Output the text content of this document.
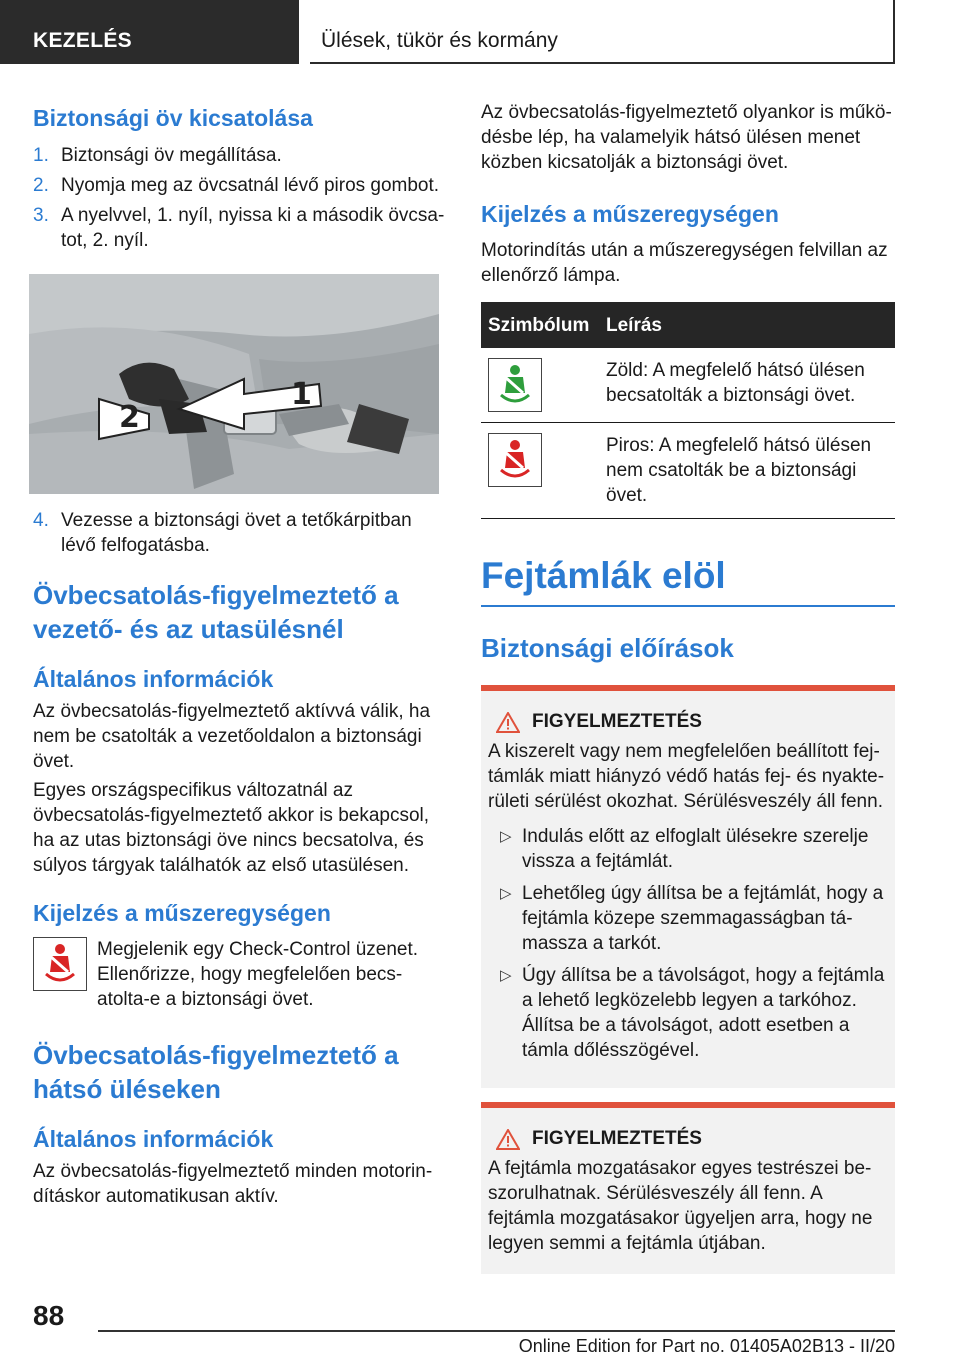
KEZELÉS	Ülések, tükör és kormány
Biztonsági öv kicsatolása
1. Biztonsági öv megállítása.
2. Nyomja meg az övcsatnál lévő piros gombot.
3. A nyelvvel, 1. nyíl, nyissa ki a második övcsatot, 2. nyíl.
1
2
4. Vezesse a biztonsági övet a tetőkárpitban lévő felfogatásba.
Övbecsatolás-figyelmeztető a vezető- és az utasülésnél
Általános információk

Az övbecsatolás-figyelmeztető aktívvá válik, ha nem be csatolták a vezetőoldalon a biztonsági övet.

Egyes országspecifikus változatnál az övbecsatolás-figyelmeztető akkor is bekapcsol, ha az utas biztonsági öve nincs becsatolva, és súlyos tárgyak találhatók az első utasülésen.

Kijelzés a műszeregységen

Megjelenik egy Check-Control üzenet. Ellenőrizze, hogy megfelelően becsatolta-e a biztonsági övet.

Övbecsatolás-figyelmeztető a hátsó üléseken
Általános információk

Az övbecsatolás-figyelmeztető minden motorindításkor automatikusan aktív.

Az övbecsatolás-figyelmeztető olyankor is működésbe lép, ha valamelyik hátsó ülésen menet közben kicsatolják a biztonsági övet.

Kijelzés a műszeregységen

Motorindítás után a műszeregységen felvillan az ellenőrző lámpa.

Szimbólum	Leírás

	Zöld: A megfelelő hátsó ülésen becsatolták a biztonsági övet.

	Piros: A megfelelő hátsó ülésen nem csatolták be a biztonsági övet.
Fejtámlák elöl
Biztonsági előírások
FIGYELMEZTETÉS

A kiszerelt vagy nem megfelelően beállított fejtámlák miatt hiányzó védő hatás fej- és nyakterületi sérülést okozhat. Sérülésveszély áll fenn.

▷ Indulás előtt az elfoglalt ülésekre szerelje vissza a fejtámlát.
▷ Lehetőleg úgy állítsa be a fejtámlát, hogy a fejtámla közepe szemmagasságban támassza a tarkót.
▷ Úgy állítsa be a távolságot, hogy a fejtámla a lehető legközelebb legyen a tarkóhoz. Állítsa be a távolságot, adott esetben a támla dőlésszögével.
FIGYELMEZTETÉS

A fejtámla mozgatásakor egyes testrészei beszorulhatnak. Sérülésveszély áll fenn. A fejtámla mozgatásakor ügyeljen arra, hogy ne legyen semmi a fejtámla útjában.

88
Online Edition for Part no. 01405A02B13 - II/20
